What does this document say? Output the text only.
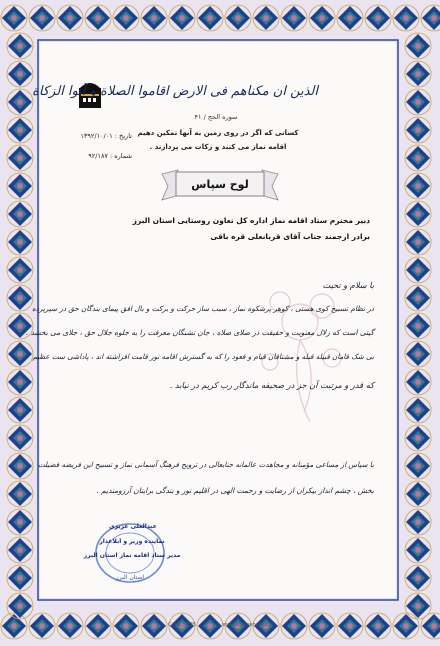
الذین ان مکناهم فی الارض اقاموا الصلاة و آتوا الزکاة
سوره الحج / ۴۱
کسانی که اگر در روی زمین به آنها تمکین دهیم
اقامه نماز می کنند و زکات می پردازند .
تاریخ : ۱۳۹۲/۱۰/۰۱
شماره : ۹۲/۱۸۷
لوح سپاس
دبیر محترم ستاد اقامه نماز اداره کل تعاون روستایی استان البرز
برادر ارجمند جناب آقای قربانعلی قره باقی
با سلام و تحیت
در نظام تسبیح کوی هستی ، کوهر پرشکوه نماز ، سبب ساز حرکت و برکت و بال افق پیمای بندگان حق در سپرپرده
گیتی است که زلال معنویت و حقیقت در صلای صلاه ، جان تشنگان معرفت را به جلوه جلال حق ، جلای می بخشد .
بی شک قامان قبیله قبله و مشتاقان قیام و قعود را که به گسترش اقامه نور قامت افراشته اند ، پاداشی ست عظیم
که قدر و مرتبت آن جز در صحیفه ماندگار رب کریم در نیابد .
با سپاس از مساعی مؤمنانه و مجاهدت عالمانه جنابعالی در ترویج فرهنگ آسمانی نماز و تسبیح این فریضه فضیلت
بخش ، چشم انداز بیکران از رضایت و رحمت الهی در اقلیم نور و بندگی برایتان آرزومندیم .
عبدالعلی عزیزی
نماینده وزیر و ابلاغدار
مدیر ستاد اقامه نماز استان البرز
استان البرز
Code : T.25	www.eqamehsalat.ir
